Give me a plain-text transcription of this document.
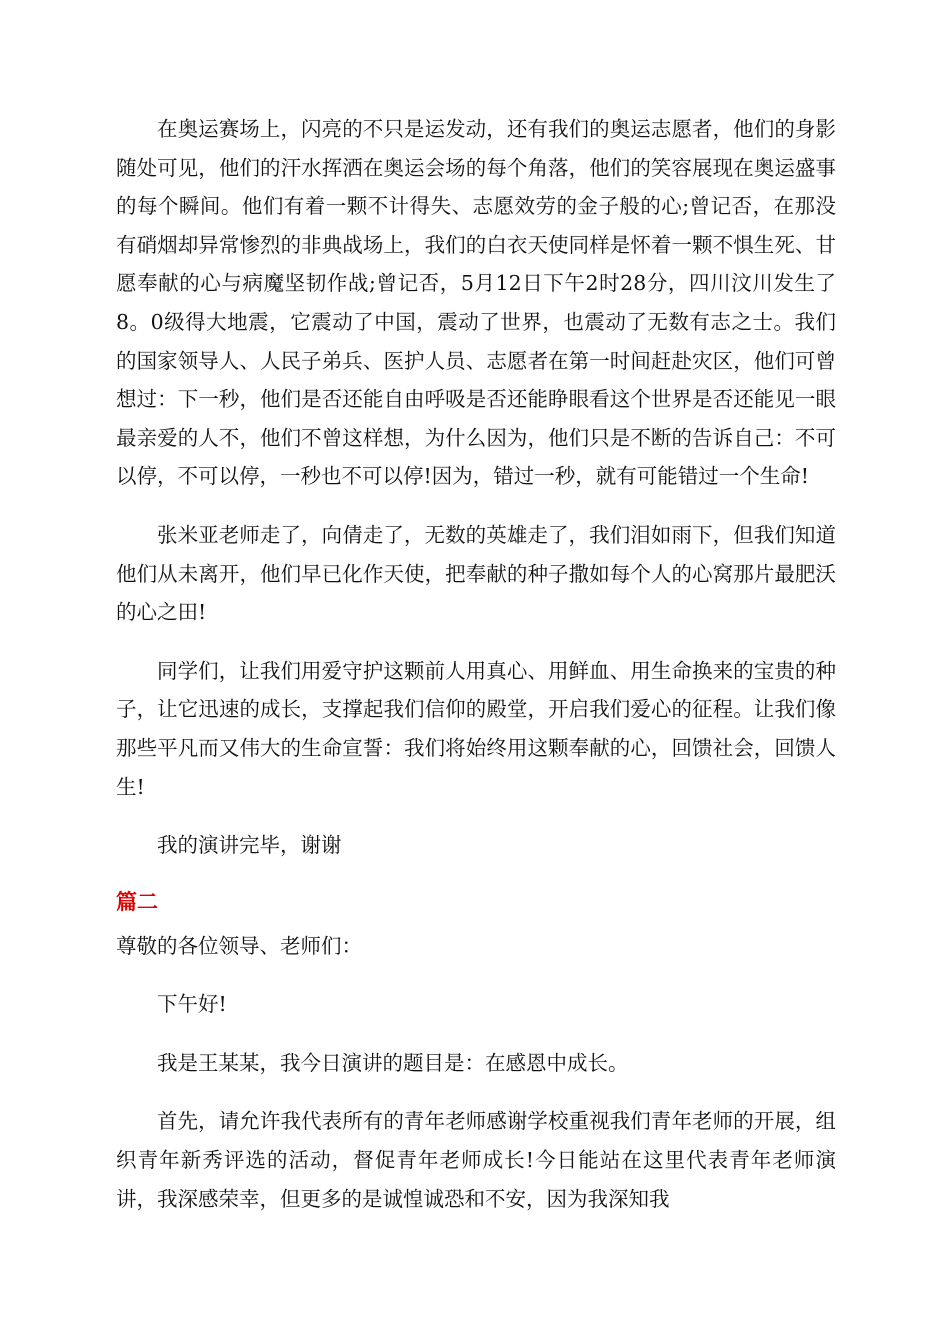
在奥运赛场上，闪亮的不只是运发动，还有我们的奥运志愿者，他们的身影随处可见，他们的汗水挥洒在奥运会场的每个角落，他们的笑容展现在奥运盛事的每个瞬间。他们有着一颗不计得失、志愿效劳的金子般的心;曾记否，在那没有硝烟却异常惨烈的非典战场上，我们的白衣天使同样是怀着一颗不惧生死、甘愿奉献的心与病魔坚韧作战;曾记否，5月12日下午2时28分，四川汶川发生了8。0级得大地震，它震动了中国，震动了世界，也震动了无数有志之士。我们的国家领导人、人民子弟兵、医护人员、志愿者在第一时间赶赴灾区，他们可曾想过：下一秒，他们是否还能自由呼吸是否还能睁眼看这个世界是否还能见一眼最亲爱的人不，他们不曾这样想，为什么因为，他们只是不断的告诉自己：不可以停，不可以停，一秒也不可以停!因为，错过一秒，就有可能错过一个生命!

张米亚老师走了，向倩走了，无数的英雄走了，我们泪如雨下，但我们知道他们从未离开，他们早已化作天使，把奉献的种子撒如每个人的心窝那片最肥沃的心之田!

同学们，让我们用爱守护这颗前人用真心、用鲜血、用生命换来的宝贵的种子，让它迅速的成长，支撑起我们信仰的殿堂，开启我们爱心的征程。让我们像那些平凡而又伟大的生命宣誓：我们将始终用这颗奉献的心，回馈社会，回馈人生!

我的演讲完毕，谢谢

篇二

尊敬的各位领导、老师们：

下午好!

我是王某某，我今日演讲的题目是：在感恩中成长。

首先，请允许我代表所有的青年老师感谢学校重视我们青年老师的开展，组织青年新秀评选的活动，督促青年老师成长!今日能站在这里代表青年老师演讲，我深感荣幸，但更多的是诚惶诚恐和不安，因为我深知我
